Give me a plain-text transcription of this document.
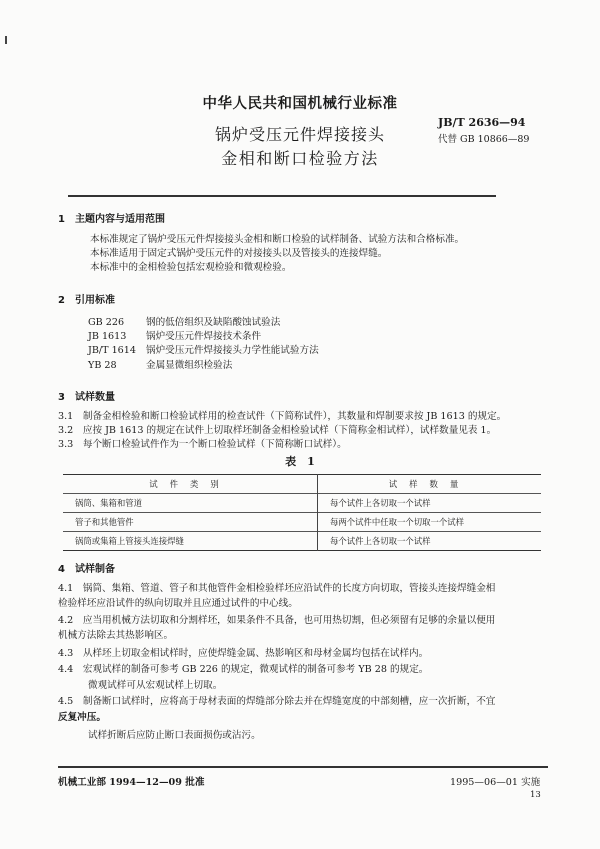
中华人民共和国机械行业标准
JB/T 2636—94
代替 GB 10866—89
锅炉受压元件焊接接头
金相和断口检验方法
1　主题内容与适用范围
本标准规定了锅炉受压元件焊接接头金相和断口检验的试样制备、试验方法和合格标准。
本标准适用于固定式锅炉受压元件的对接接头以及管接头的连接焊缝。
本标准中的金相检验包括宏观检验和微观检验。
2　引用标准
GB 226 钢的低倍组织及缺陷酸蚀试验法
JB 1613 锅炉受压元件焊接技术条件
JB/T 1614 锅炉受压元件焊接接头力学性能试验方法
YB 28	金属显微组织检验法
3　试样数量
3.1　制备金相检验和断口检验试样用的检查试件（下简称试件），其数量和焊制要求按 JB 1613 的规定。
3.2　应按 JB 1613 的规定在试件上切取样坯制备金相检验试样（下简称金相试样），试样数量见表 1。
3.3　每个断口检验试件作为一个断口检验试样（下简称断口试样）。
表　1
试件类别	试样数量
锅筒、集箱和管道	每个试件上各切取一个试样
管子和其他管件	每两个试件中任取一个切取一个试样
锅筒或集箱上管接头连接焊缝	每个试件上各切取一个试样
4　试样制备
4.1　锅筒、集箱、管道、管子和其他管件金相检验样坯应沿试件的长度方向切取，管接头连接焊缝金相
检验样坯应沿试件的纵向切取并且应通过试件的中心线。
4.2　应当用机械方法切取和分割样坯，如果条件不具备，也可用热切割，但必须留有足够的余量以便用
机械方法除去其热影响区。
4.3　从样坯上切取金相试样时，应使焊缝金属、热影响区和母材金属均包括在试样内。
4.4　宏观试样的制备可参考 GB 226 的规定，微观试样的制备可参考 YB 28 的规定。
微观试样可从宏观试样上切取。
4.5　制备断口试样时，应将高于母材表面的焊缝部分除去并在焊缝宽度的中部刻槽，应一次折断，不宜
反复冲压。
试样折断后应防止断口表面损伤或沾污。
机械工业部 1994—12—09 批准	1995—06—01 实施
13
